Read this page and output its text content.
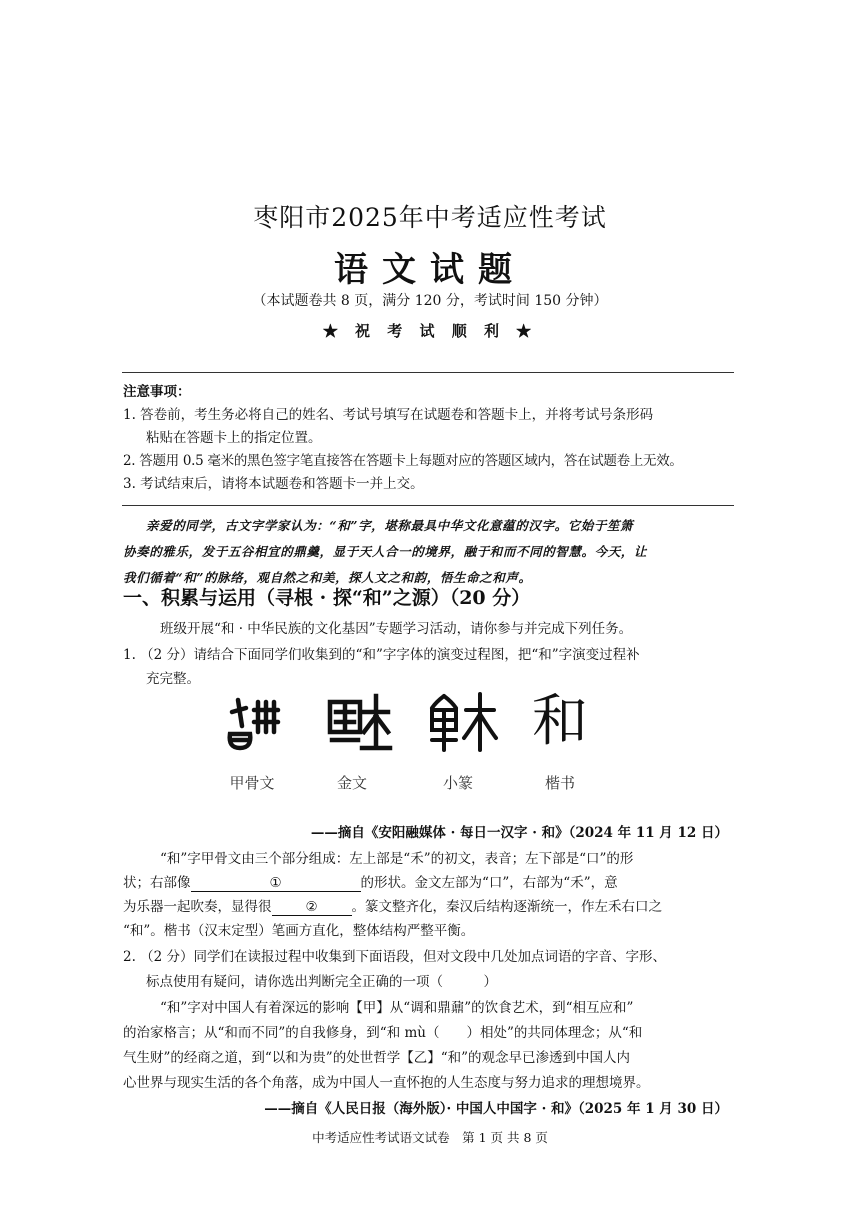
枣阳市2025年中考适应性考试
语文试题
（本试题卷共 8 页，满分 120 分，考试时间 150 分钟）
★ 祝 考 试 顺 利 ★
注意事项：
1. 答卷前，考生务必将自己的姓名、考试号填写在试题卷和答题卡上，并将考试号条形码
粘贴在答题卡上的指定位置。
2. 答题用 0.5 毫米的黑色签字笔直接答在答题卡上每题对应的答题区域内，答在试题卷上无效。
3. 考试结束后，请将本试题卷和答题卡一并上交。
亲爱的同学，古文字学家认为：“和”字，堪称最具中华文化意蕴的汉字。它始于笙箫
协奏的雅乐，发于五谷相宜的鼎羹，显于天人合一的境界，融于和而不同的智慧。今天，让
我们循着“和”的脉络，观自然之和美，探人文之和韵，悟生命之和声。
一、积累与运用（寻根 · 探“和”之源）（20 分）
班级开展“和 · 中华民族的文化基因”专题学习活动，请你参与并完成下列任务。
1. （2 分）请结合下面同学们收集到的“和”字字体的演变过程图，把“和”字演变过程补
充完整。
和
甲骨文	金文	小篆	楷书
——摘自《安阳融媒体 · 每日一汉字 · 和》（2024 年 11 月 12 日）
“和”字甲骨文由三个部分组成：左上部是“禾”的初文，表音；左下部是“口”的形
状；右部像	①	的形状。金文左部为“口”，右部为“禾”，意
为乐器一起吹奏，显得很	②	。篆文整齐化，秦汉后结构逐渐统一，作左禾右口之
“和”。楷书（汉末定型）笔画方直化，整体结构严整平衡。
2. （2 分）同学们在读报过程中收集到下面语段，但对文段中几处加点词语的字音、字形、
标点使用有疑问，请你选出判断完全正确的一项（　　　）
“和”字对中国人有着深远的影响【甲】从“调和鼎鼐”的饮食艺术，到“相互应和”
的治家格言；从“和而不同”的自我修身，到“和 mù（　　）相处”的共同体理念；从“和
气生财”的经商之道，到“以和为贵”的处世哲学【乙】“和”的观念早已渗透到中国人内
心世界与现实生活的各个角落，成为中国人一直怀抱的人生态度与努力追求的理想境界。
——摘自《人民日报（海外版）· 中国人中国字 · 和》（2025 年 1 月 30 日）
中考适应性考试语文试卷　第 1 页 共 8 页
